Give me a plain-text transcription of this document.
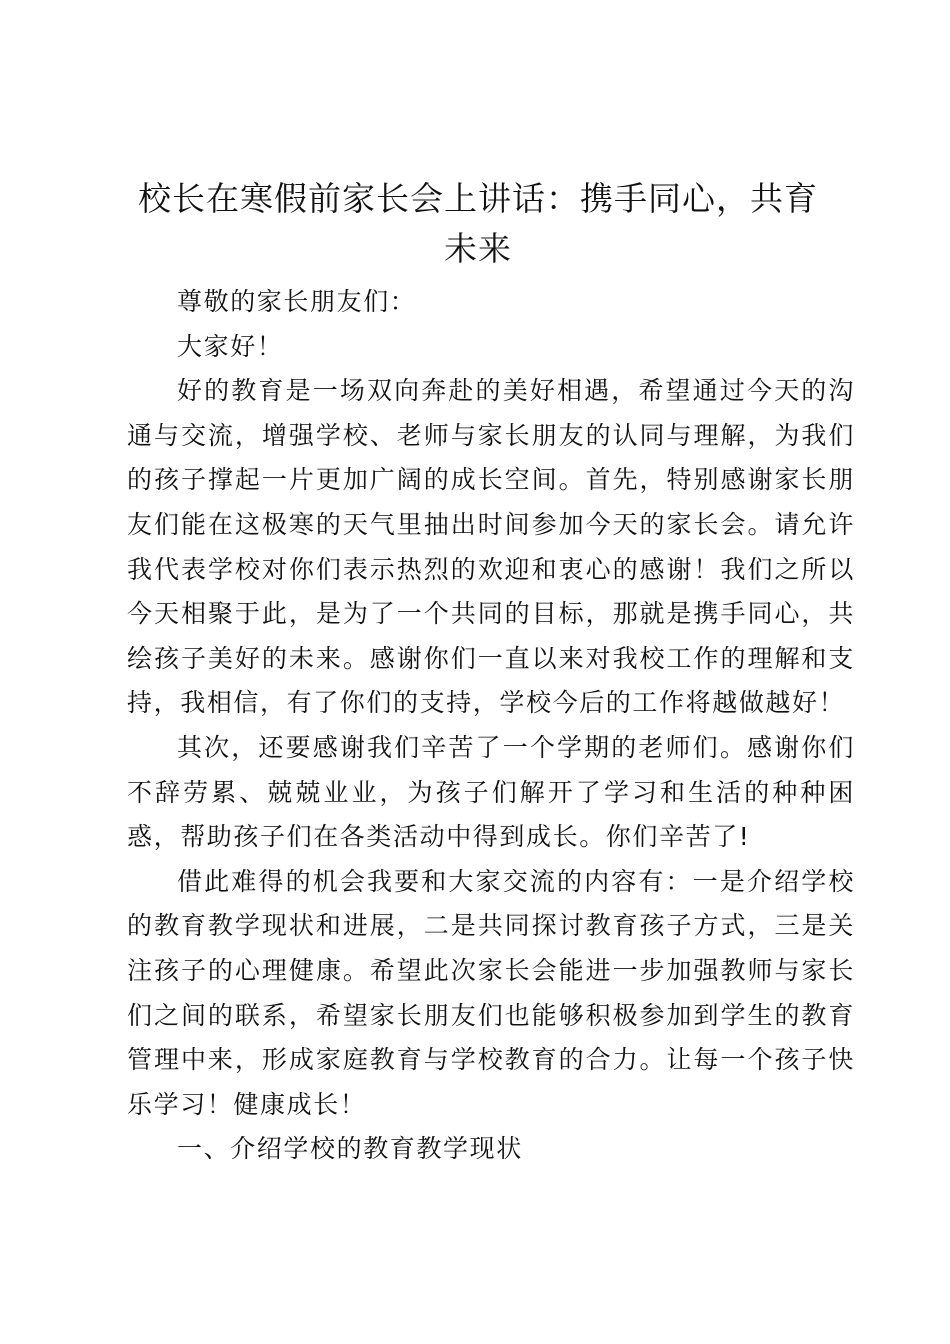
校长在寒假前家长会上讲话：携手同心，共育未来

尊敬的家长朋友们：

大家好！

好的教育是一场双向奔赴的美好相遇，希望通过今天的沟通与交流，增强学校、老师与家长朋友的认同与理解，为我们的孩子撑起一片更加广阔的成长空间。首先，特别感谢家长朋友们能在这极寒的天气里抽出时间参加今天的家长会。请允许我代表学校对你们表示热烈的欢迎和衷心的感谢！我们之所以今天相聚于此，是为了一个共同的目标，那就是携手同心，共绘孩子美好的未来。感谢你们一直以来对我校工作的理解和支持，我相信，有了你们的支持，学校今后的工作将越做越好！

其次，还要感谢我们辛苦了一个学期的老师们。感谢你们不辞劳累、兢兢业业，为孩子们解开了学习和生活的种种困惑，帮助孩子们在各类活动中得到成长。你们辛苦了!

借此难得的机会我要和大家交流的内容有：一是介绍学校的教育教学现状和进展，二是共同探讨教育孩子方式，三是关注孩子的心理健康。希望此次家长会能进一步加强教师与家长们之间的联系，希望家长朋友们也能够积极参加到学生的教育管理中来，形成家庭教育与学校教育的合力。让每一个孩子快乐学习！健康成长！

一、介绍学校的教育教学现状
